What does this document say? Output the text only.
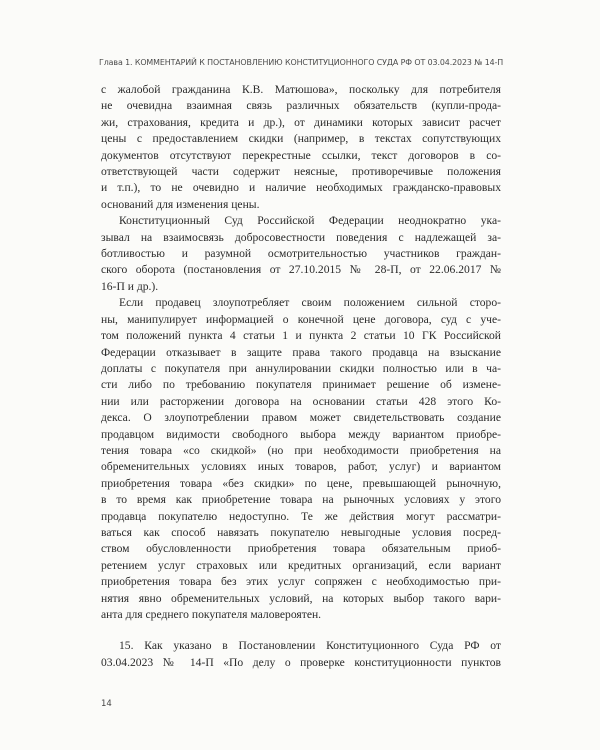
Глава 1. КОММЕНТАРИЙ К ПОСТАНОВЛЕНИЮ КОНСТИТУЦИОННОГО СУДА РФ ОТ 03.04.2023 № 14-П

с жалобой гражданина К.В. Матюшова», поскольку для потребителя
не очевидна взаимная связь различных обязательств (купли-прода-
жи, страхования, кредита и др.), от динамики которых зависит расчет
цены с предоставлением скидки (например, в текстах сопутствующих
документов отсутствуют перекрестные ссылки, текст договоров в со-
ответствующей части содержит неясные, противоречивые положения
и т.п.), то не очевидно и наличие необходимых гражданско-правовых
оснований для изменения цены.

Конституционный Суд Российской Федерации неоднократно ука-
зывал на взаимосвязь добросовестности поведения с надлежащей за-
ботливостью и разумной осмотрительностью участников граждан-
ского оборота (постановления от 27.10.2015 № 28-П, от 22.06.2017 №
16-П и др.).

Если продавец злоупотребляет своим положением сильной сторо-
ны, манипулирует информацией о конечной цене договора, суд с уче-
том положений пункта 4 статьи 1 и пункта 2 статьи 10 ГК Российской
Федерации отказывает в защите права такого продавца на взыскание
доплаты с покупателя при аннулировании скидки полностью или в ча-
сти либо по требованию покупателя принимает решение об измене-
нии или расторжении договора на основании статьи 428 этого Ко-
декса. О злоупотреблении правом может свидетельствовать создание
продавцом видимости свободного выбора между вариантом приобре-
тения товара «со скидкой» (но при необходимости приобретения на
обременительных условиях иных товаров, работ, услуг) и вариантом
приобретения товара «без скидки» по цене, превышающей рыночную,
в то время как приобретение товара на рыночных условиях у этого
продавца покупателю недоступно. Те же действия могут рассматри-
ваться как способ навязать покупателю невыгодные условия посред-
ством обусловленности приобретения товара обязательным приоб-
ретением услуг страховых или кредитных организаций, если вариант
приобретения товара без этих услуг сопряжен с необходимостью при-
нятия явно обременительных условий, на которых выбор такого вари-
анта для среднего покупателя маловероятен.

15. Как указано в Постановлении Конституционного Суда РФ от
03.04.2023 № 14-П «По делу о проверке конституционности пунктов

14
